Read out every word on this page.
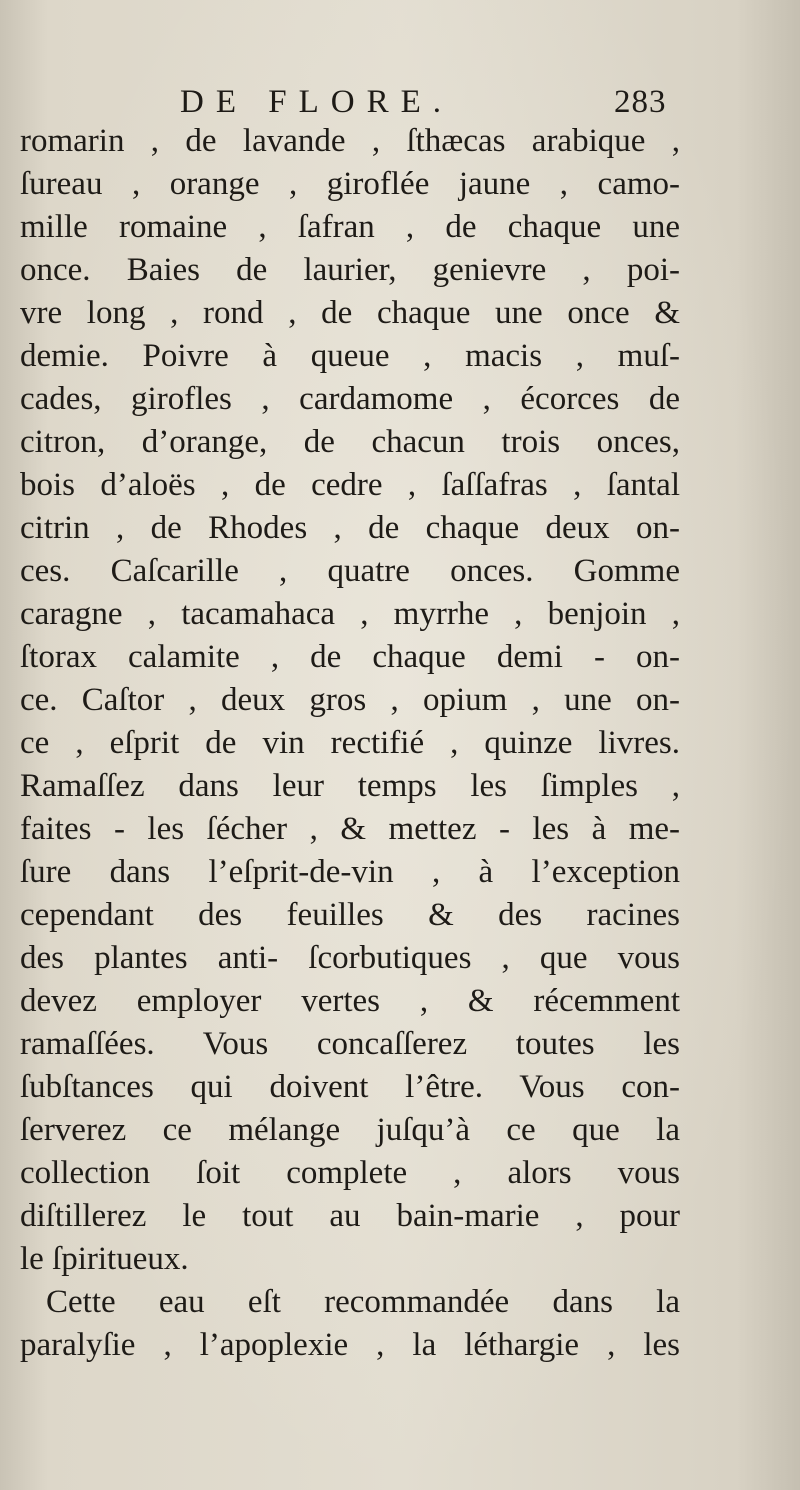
DE FLORE.	283
romarin , de lavande , ſthæcas arabique ,
ſureau , orange , giroflée jaune , camo-
mille romaine , ſafran , de chaque une
once. Baies de laurier, genievre , poi-
vre long , rond , de chaque une once &
demie. Poivre à queue , macis , muſ-
cades, girofles , cardamome , écorces de
citron, d’orange, de chacun trois onces,
bois d’aloës , de cedre , ſaſſafras , ſantal
citrin , de Rhodes , de chaque deux on-
ces. Caſcarille , quatre onces. Gomme
caragne , tacamahaca , myrrhe , benjoin ,
ſtorax calamite , de chaque demi - on-
ce. Caſtor , deux gros , opium , une on-
ce , eſprit de vin rectifié , quinze livres.
Ramaſſez dans leur temps les ſimples ,
faites - les ſécher , & mettez - les à me-
ſure dans l’eſprit-de-vin , à l’exception
cependant des feuilles & des racines
des plantes anti- ſcorbutiques , que vous
devez employer vertes , & récemment
ramaſſées. Vous concaſſerez toutes les
ſubſtances qui doivent l’être. Vous con-
ſerverez ce mélange juſqu’à ce que la
collection ſoit complete , alors vous
diſtillerez le tout au bain-marie , pour
le ſpiritueux.
Cette eau eſt recommandée dans la
paralyſie , l’apoplexie , la léthargie , les
